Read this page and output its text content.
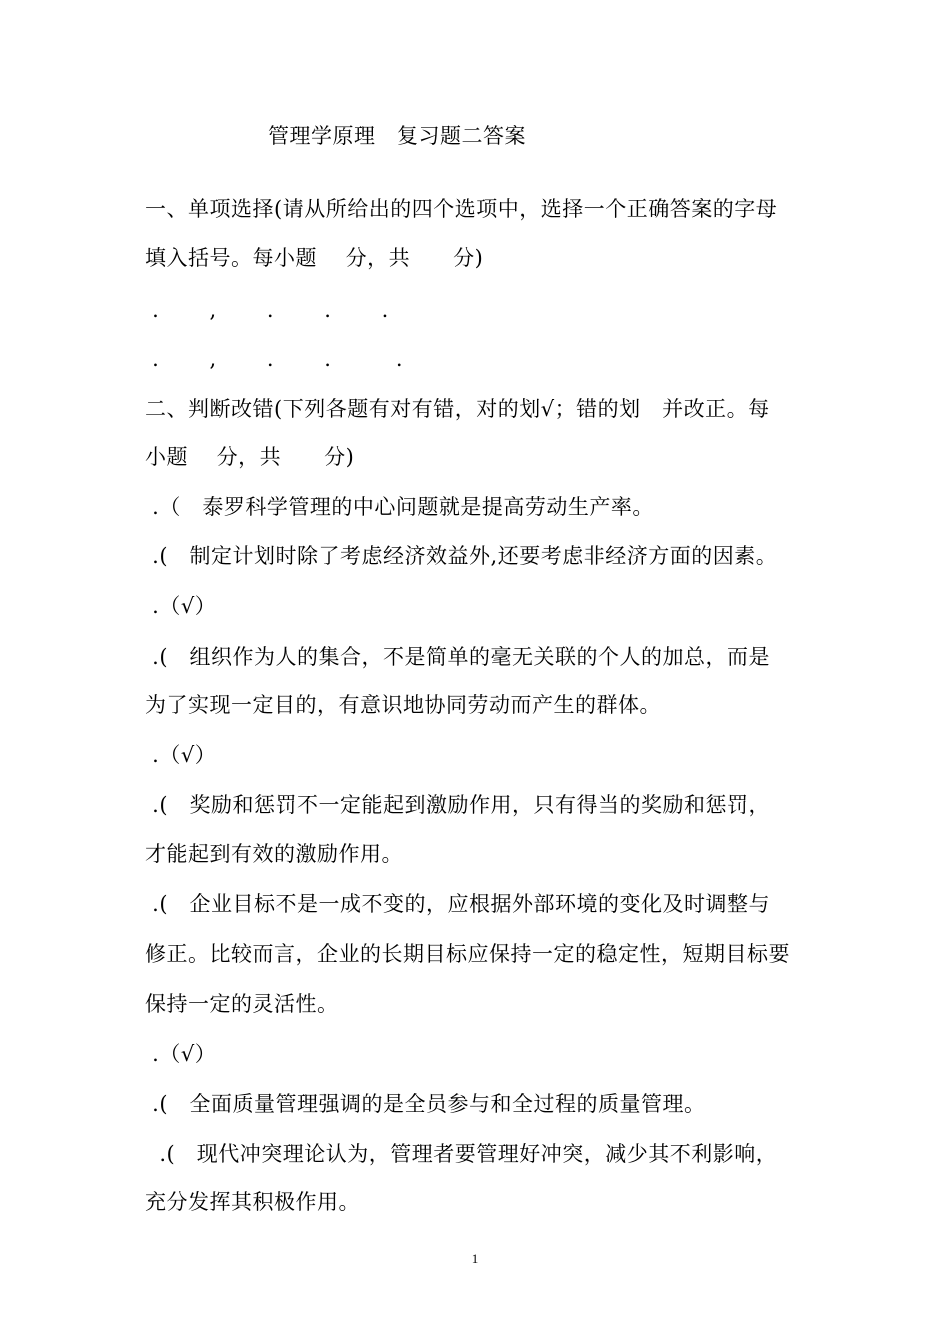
管理学原理　复习题二答案
一、单项选择(请从所给出的四个选项中，选择一个正确答案的字母
填入括号。每小题　 分，共　　分)
.　　 ,　　 .　　 .　　 .
.　　 ,　　 .　　 .　　　.
二、判断改错(下列各题有对有错，对的划√；错的划　并改正。每
小题　 分，共　　分)
.（　泰罗科学管理的中心问题就是提高劳动生产率。
.(　制定计划时除了考虑经济效益外,还要考虑非经济方面的因素。
.（√）
.(　组织作为人的集合，不是简单的毫无关联的个人的加总，而是
为了实现一定目的，有意识地协同劳动而产生的群体。
.（√）
.(　奖励和惩罚不一定能起到激励作用，只有得当的奖励和惩罚，
才能起到有效的激励作用。
.(　企业目标不是一成不变的，应根据外部环境的变化及时调整与
修正。比较而言，企业的长期目标应保持一定的稳定性，短期目标要
保持一定的灵活性。
.（√）
.(　全面质量管理强调的是全员参与和全过程的质量管理。
.(　现代冲突理论认为，管理者要管理好冲突，减少其不利影响，
充分发挥其积极作用。
1
